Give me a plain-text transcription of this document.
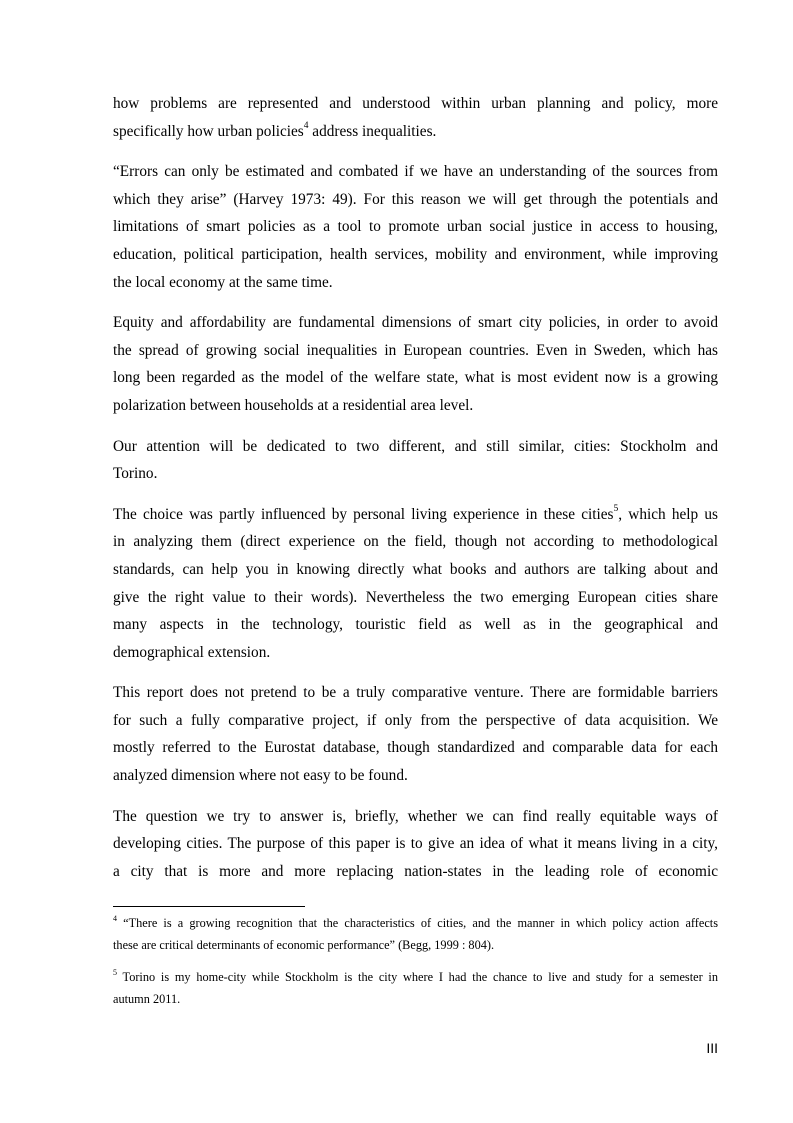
how problems are represented and understood within urban planning and policy, more
specifically how urban policies$^4$ address inequalities.

“Errors can only be estimated and combated if we have an understanding of the sources from
which they arise” (Harvey 1973: 49). For this reason we will get through the potentials and
limitations of smart policies as a tool to promote urban social justice in access to housing,
education, political participation, health services, mobility and environment, while improving
the local economy at the same time.

Equity and affordability are fundamental dimensions of smart city policies, in order to avoid
the spread of growing social inequalities in European countries. Even in Sweden, which has
long been regarded as the model of the welfare state, what is most evident now is a growing
polarization between households at a residential area level.

Our attention will be dedicated to two different, and still similar, cities: Stockholm and
Torino.

The choice was partly influenced by personal living experience in these cities$^5$, which help us
in analyzing them (direct experience on the field, though not according to methodological
standards, can help you in knowing directly what books and authors are talking about and
give the right value to their words). Nevertheless the two emerging European cities share
many aspects in the technology, touristic field as well as in the geographical and
demographical extension.

This report does not pretend to be a truly comparative venture. There are formidable barriers
for such a fully comparative project, if only from the perspective of data acquisition. We
mostly referred to the Eurostat database, though standardized and comparable data for each
analyzed dimension where not easy to be found.

The question we try to answer is, briefly, whether we can find really equitable ways of
developing cities. The purpose of this paper is to give an idea of what it means living in a city,
a city that is more and more replacing nation-states in the leading role of economic

$^4$ “There is a growing recognition that the characteristics of cities, and the manner in which policy action affects
these are critical determinants of economic performance” (Begg, 1999 : 804).
$^5$ Torino is my home-city while Stockholm is the city where I had the chance to live and study for a semester in
autumn 2011.
III
